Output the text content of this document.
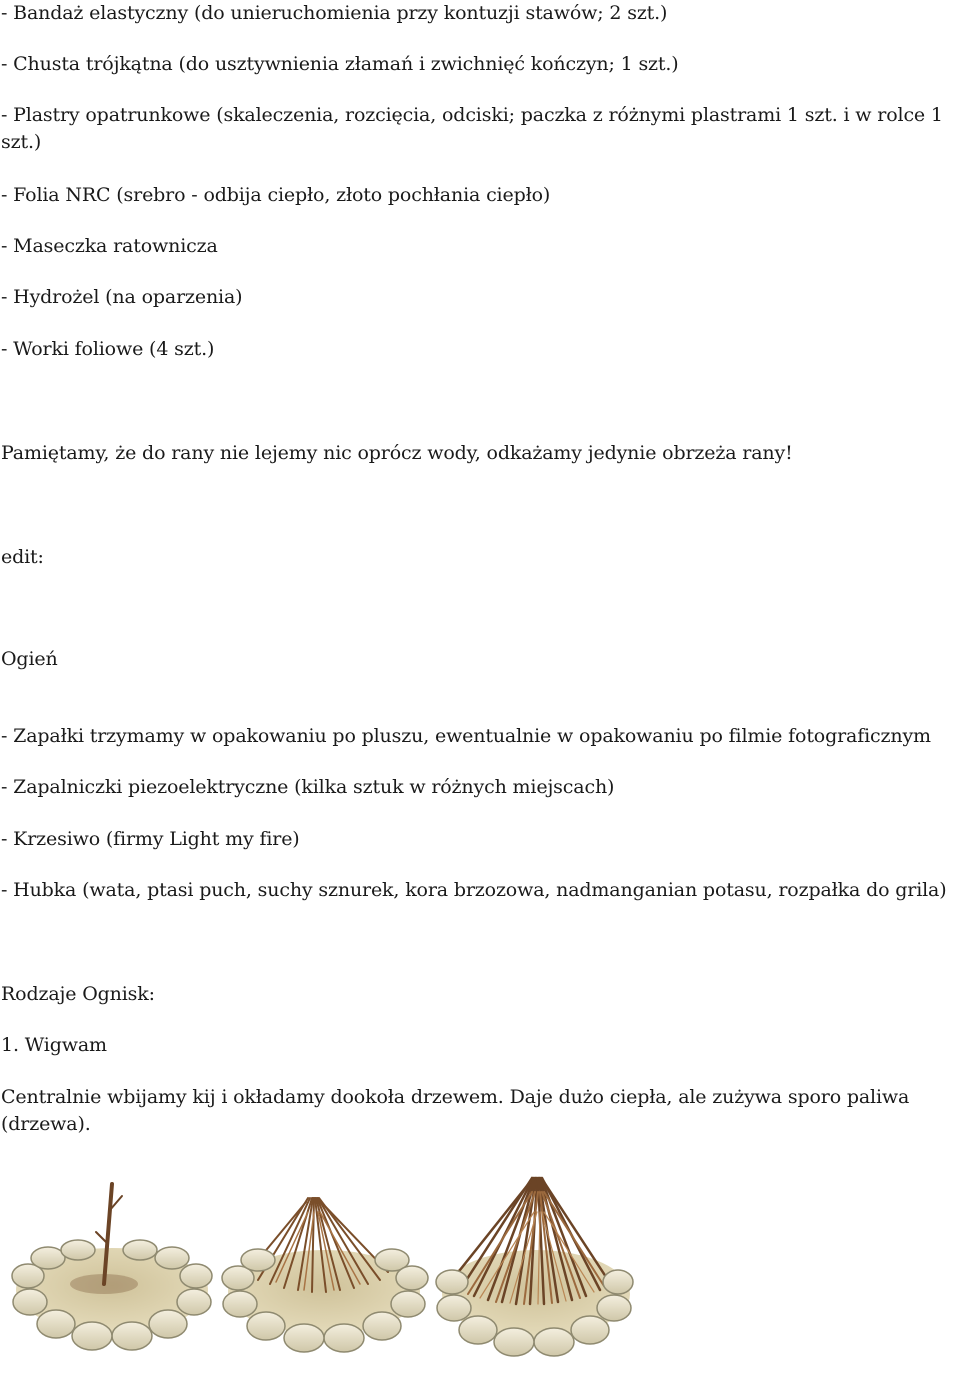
- Bandaż elastyczny (do unieruchomienia przy kontuzji stawów; 2 szt.)
- Chusta trójkątna (do usztywnienia złamań i zwichnięć kończyn; 1 szt.)
- Plastry opatrunkowe (skaleczenia, rozcięcia, odciski; paczka z różnymi plastrami 1 szt. i w rolce 1 szt.)
- Folia NRC (srebro - odbija ciepło, złoto pochłania ciepło)
- Maseczka ratownicza
- Hydrożel (na oparzenia)
- Worki foliowe (4 szt.)
Pamiętamy, że do rany nie lejemy nic oprócz wody, odkażamy jedynie obrzeża rany!
edit:
Ogień
- Zapałki trzymamy w opakowaniu po pluszu, ewentualnie w opakowaniu po filmie fotograficznym
- Zapalniczki piezoelektryczne (kilka sztuk w różnych miejscach)
- Krzesiwo (firmy Light my fire)
- Hubka (wata, ptasi puch, suchy sznurek, kora brzozowa, nadmanganian potasu, rozpałka do grila)
Rodzaje Ognisk:
1. Wigwam
Centralnie wbijamy kij i okładamy dookoła drzewem. Daje dużo ciepła, ale zużywa sporo paliwa (drzewa).
